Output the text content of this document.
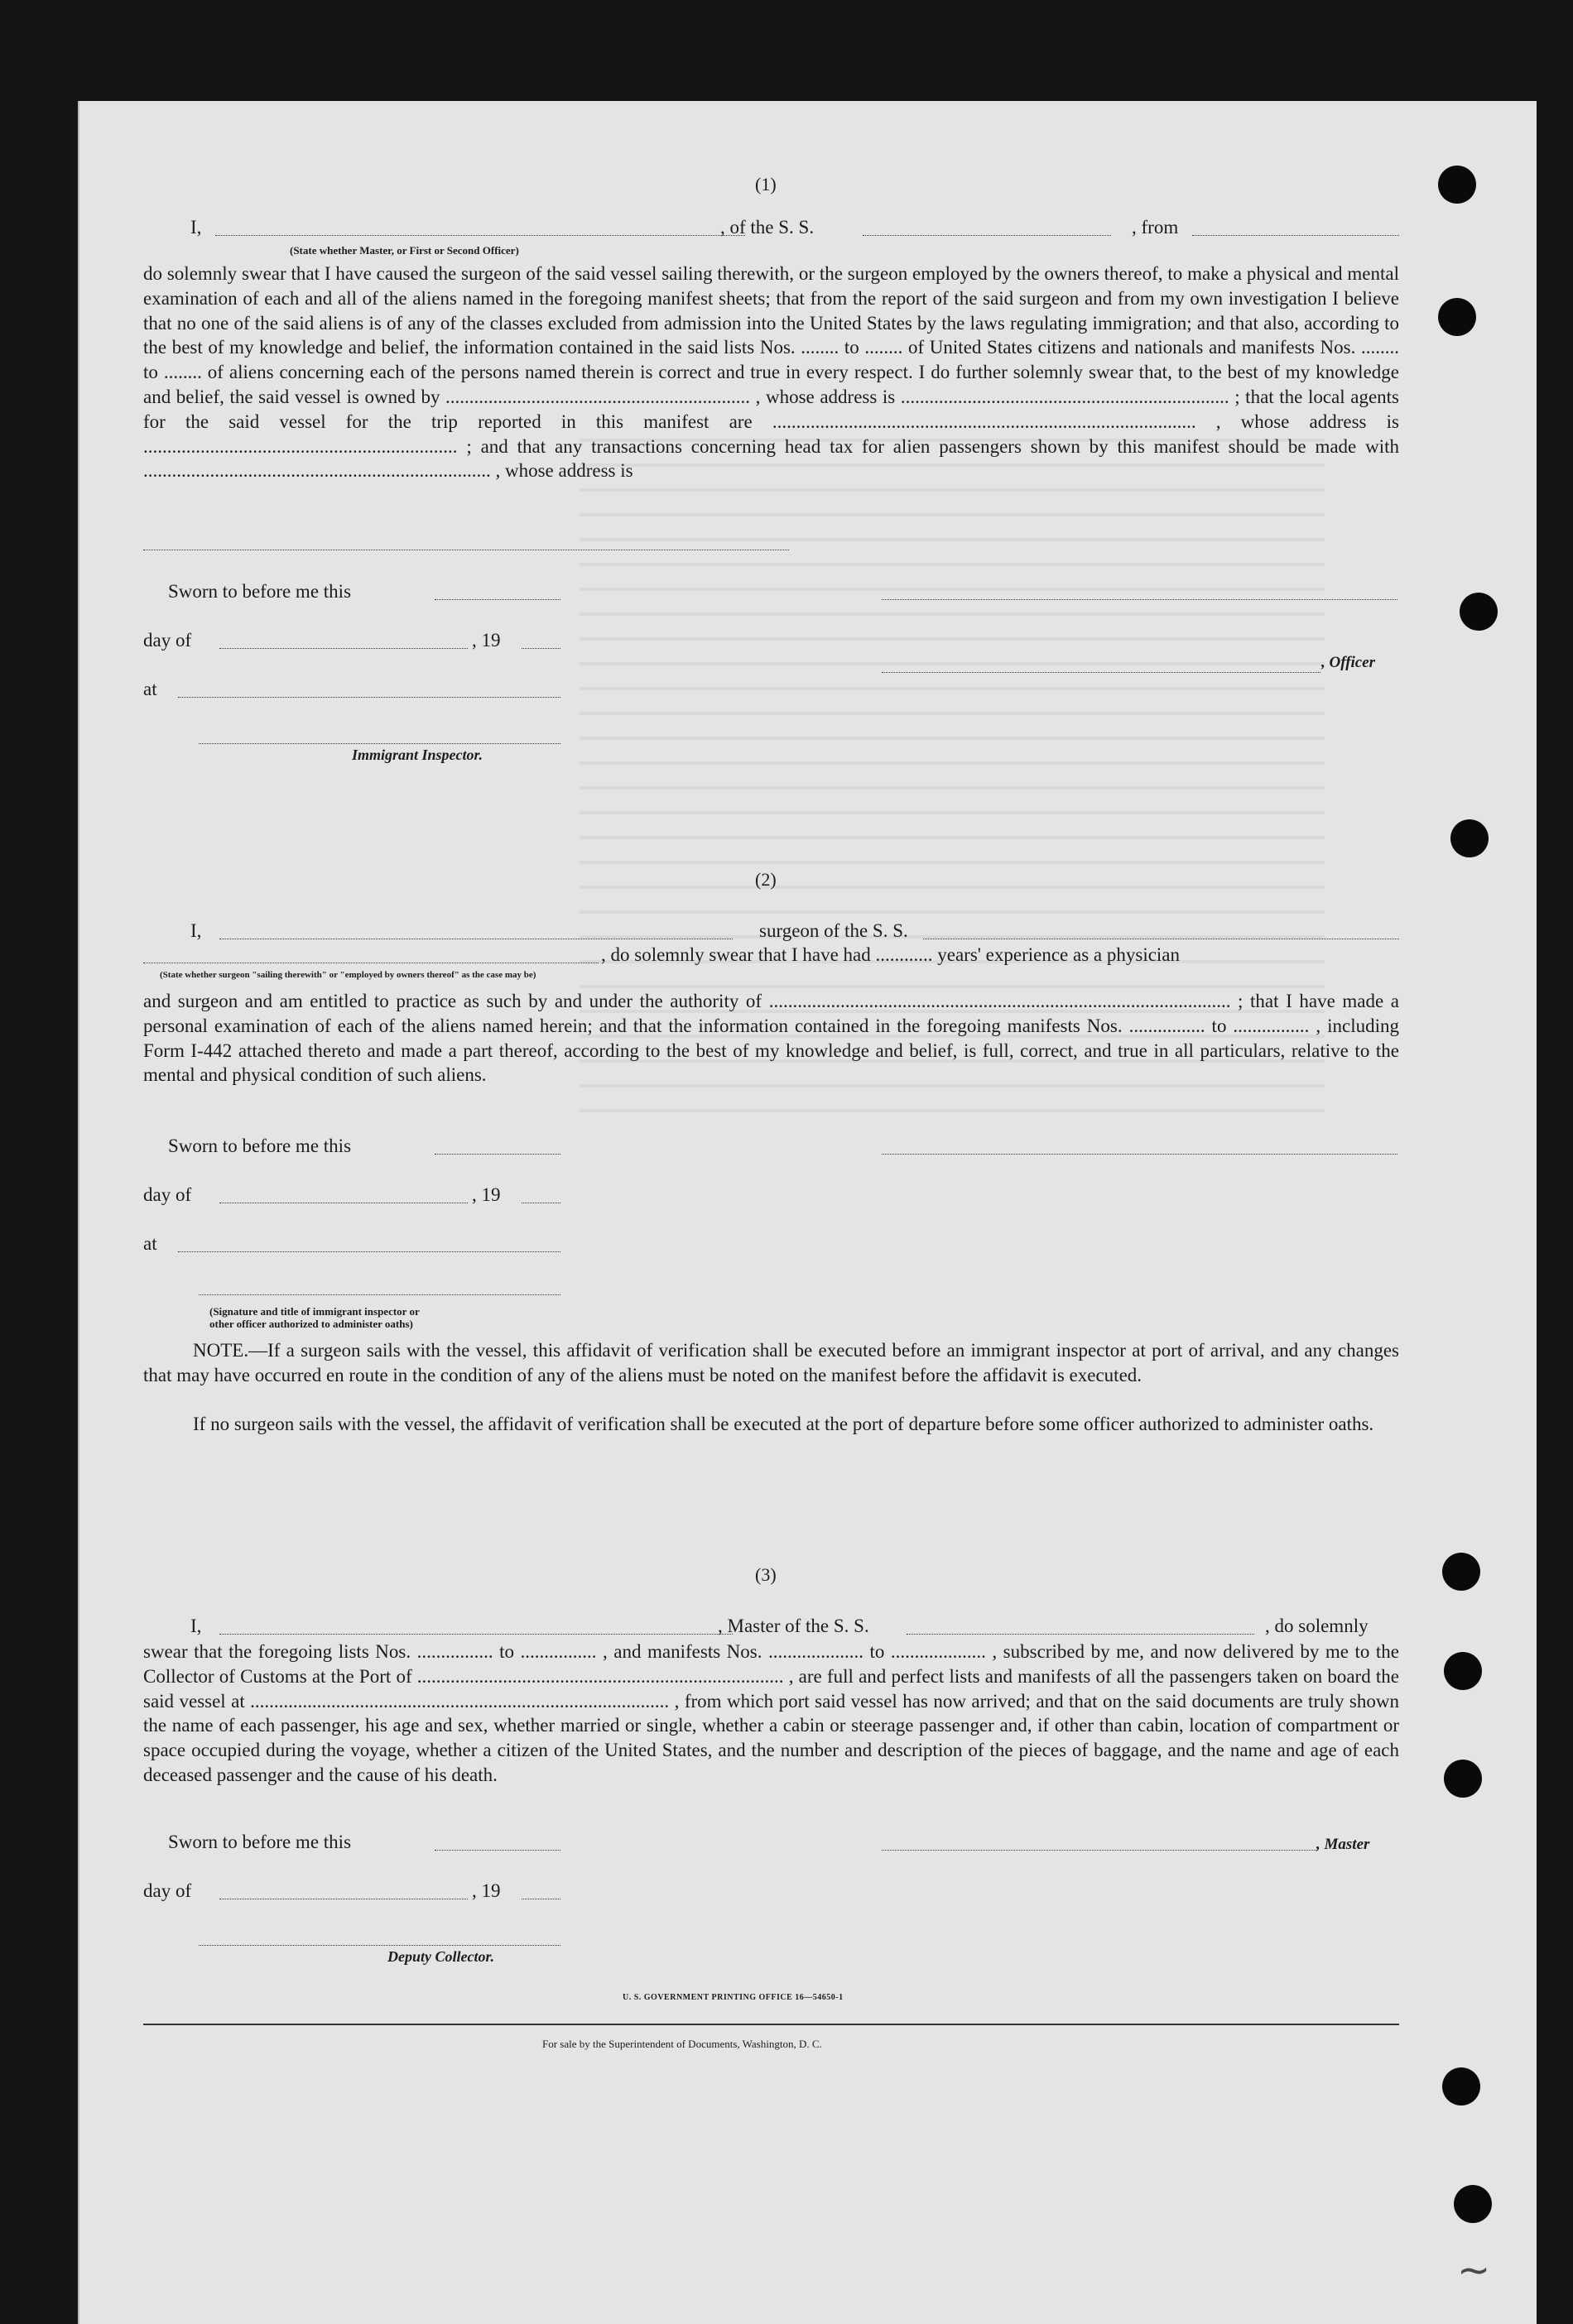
(1)
I,	, of the S. S.	, from
(State whether Master, or First or Second Officer)

do solemnly swear that I have caused the surgeon of the said vessel sailing therewith, or the surgeon employed by the owners thereof, to make a physical and mental examination of each and all of the aliens named in the foregoing manifest sheets; that from the report of the said surgeon and from my own investigation I believe that no one of the said aliens is of any of the classes excluded from admission into the United States by the laws regulating immigration; and that also, according to the best of my knowledge and belief, the information contained in the said lists Nos. ........ to ........ of United States citizens and nationals and manifests Nos. ........ to ........ of aliens concerning each of the persons named therein is correct and true in every respect. I do further solemnly swear that, to the best of my knowledge and belief, the said vessel is owned by ................................................................ , whose address is ..................................................................... ; that the local agents for the said vessel for the trip reported in this manifest are ......................................................................................... , whose address is .................................................................. ; and that any transactions concerning head tax for alien passengers shown by this manifest should be made with ......................................................................... , whose address is

Sworn to before me this
day of	, 19
, Officer
at
Immigrant Inspector.
(2)
I,	surgeon of the S. S.
, do solemnly swear that I have had ............ years' experience as a physician
(State whether surgeon "sailing therewith" or "employed by owners thereof" as the case may be)

and surgeon and am entitled to practice as such by and under the authority of ................................................................................................. ; that I have made a personal examination of each of the aliens named herein; and that the information contained in the foregoing manifests Nos. ................ to ................ , including Form I-442 attached thereto and made a part thereof, according to the best of my knowledge and belief, is full, correct, and true in all particulars, relative to the mental and physical condition of such aliens.

Sworn to before me this
day of	, 19
at
(Signature and title of immigrant inspector or
other officer authorized to administer oaths)

NOTE.—If a surgeon sails with the vessel, this affidavit of verification shall be executed before an immigrant inspector at port of arrival, and any changes that may have occurred en route in the condition of any of the aliens must be noted on the manifest before the affidavit is executed.

If no surgeon sails with the vessel, the affidavit of verification shall be executed at the port of departure before some officer authorized to administer oaths.

(3)
I,	, Master of the S. S.	, do solemnly

swear that the foregoing lists Nos. ................ to ................ , and manifests Nos. .................... to .................... , subscribed by me, and now delivered by me to the Collector of Customs at the Port of ............................................................................. , are full and perfect lists and manifests of all the passengers taken on board the said vessel at ........................................................................................ , from which port said vessel has now arrived; and that on the said documents are truly shown the name of each passenger, his age and sex, whether married or single, whether a cabin or steerage passenger and, if other than cabin, location of compartment or space occupied during the voyage, whether a citizen of the United States, and the number and description of the pieces of baggage, and the name and age of each deceased passenger and the cause of his death.

Sworn to before me this	, Master
day of	, 19
Deputy Collector.
U. S. GOVERNMENT PRINTING OFFICE 16—54650-1
For sale by the Superintendent of Documents, Washington, D. C.
~
